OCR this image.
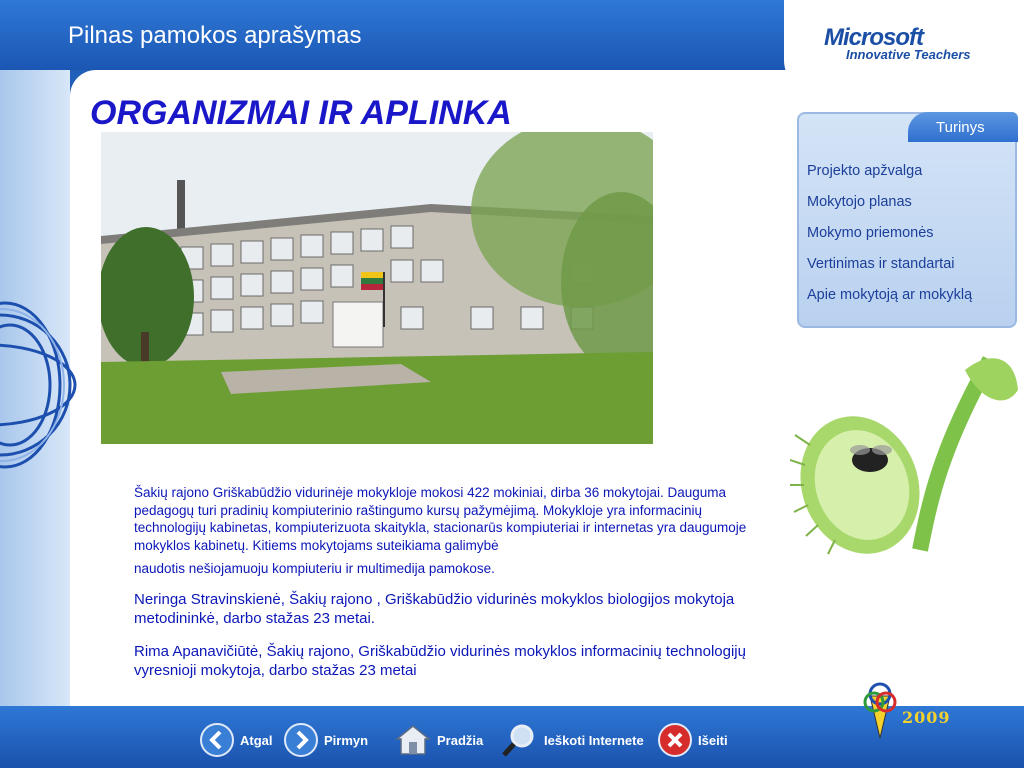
Pilnas pamokos aprašymas	Microsoft
Innovative Teachers
ORGANIZMAI IR APLINKA

Šakių rajono Griškabūdžio vidurinėje mokykloje mokosi 422 mokiniai, dirba 36 mokytojai. Dauguma pedagogų turi pradinių kompiuterinio raštingumo kursų pažymėjimą. Mokykloje yra informacinių technologijų kabinetas, kompiuterizuota skaitykla, stacionarūs kompiuteriai ir internetas yra daugumoje mokyklos kabinetų. Kitiems mokytojams suteikiama galimybė

naudotis nešiojamuoju kompiuteriu ir multimedija pamokose.

Neringa Stravinskienė, Šakių rajono , Griškabūdžio vidurinės mokyklos biologijos mokytoja metodininkė, darbo stažas 23 metai.
Rima Apanavičiūtė, Šakių rajono, Griškabūdžio vidurinės mokyklos informacinių technologijų vyresnioji mokytoja, darbo stažas 23 metai
Projekto apžvalga
Mokytojo planas
Mokymo priemonės
Vertinimas ir standartai
Apie mokytoją ar mokyklą
Turinys
Atgal	Pirmyn	Pradžia	Ieškoti Internete	Išeiti
2009
